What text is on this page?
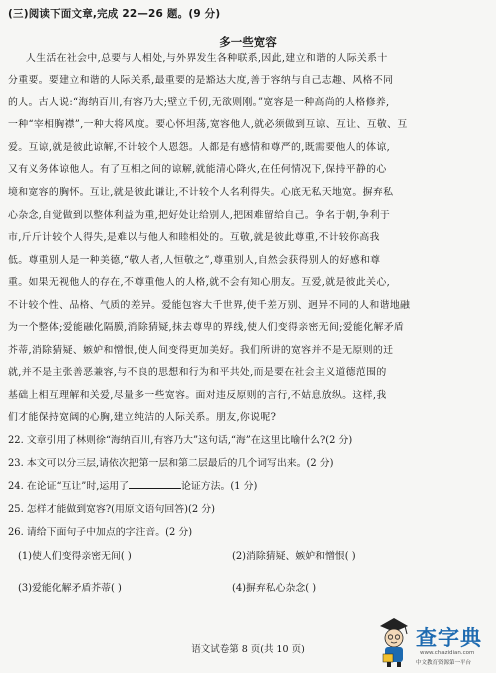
(三)阅读下面文章,完成 22—26 题。(9 分)
多一些宽容
人生活在社会中,总要与人相处,与外界发生各种联系,因此,建立和谐的人际关系十
分重要。要建立和谐的人际关系,最重要的是豁达大度,善于容纳与自己志趣、风格不同
的人。古人说:“海纳百川,有容乃大;壁立千仞,无欲则刚。”宽容是一种高尚的人格修养,
一种“宰相胸襟”,一种大将风度。要心怀坦荡,宽容他人,就必须做到互谅、互让、互敬、互
爱。互谅,就是彼此谅解,不计较个人恩怨。人都是有感情和尊严的,既需要他人的体谅,
又有义务体谅他人。有了互相之间的谅解,就能清心降火,在任何情况下,保持平静的心
境和宽容的胸怀。互让,就是彼此谦让,不计较个人名利得失。心底无私天地宽。摒弃私
心杂念,自觉做到以整体利益为重,把好处让给别人,把困难留给自己。争名于朝,争利于
市,斤斤计较个人得失,是难以与他人和睦相处的。互敬,就是彼此尊重,不计较你高我
低。尊重别人是一种美德,“敬人者,人恒敬之”,尊重别人,自然会获得别人的好感和尊
重。如果无视他人的存在,不尊重他人的人格,就不会有知心朋友。互爱,就是彼此关心,
不计较个性、品格、气质的差异。爱能包容大千世界,使千差万别、迥异不同的人和谐地融
为一个整体;爱能融化隔膜,消除猜疑,抹去尊卑的界线,使人们变得亲密无间;爱能化解矛盾
芥蒂,消除猜疑、嫉妒和憎恨,使人间变得更加美好。我们所讲的宽容并不是无原则的迁
就,并不是主张善恶兼容,与不良的思想和行为和平共处,而是要在社会主义道德范围的
基础上相互理解和关爱,尽量多一些宽容。面对违反原则的言行,不姑息放纵。这样,我
们才能保持宽阔的心胸,建立纯洁的人际关系。朋友,你说呢?
22. 文章引用了林则徐“海纳百川,有容乃大”这句话,“海”在这里比喻什么?(2 分)
23. 本文可以分三层,请依次把第一层和第二层最后的几个词写出来。(2 分)
24. 在论证“互让”时,运用了	论证方法。(1 分)
25. 怎样才能做到宽容?(用原文语句回答)(2 分)
26. 请给下面句子中加点的字注音。(2 分)
(1)使人们变得亲密无间( )	(2)消除猜疑、嫉妒和憎恨( )
(3)爱能化解矛盾芥蒂( )	(4)摒弃私心杂念( )
语文试卷第 8 页(共 10 页)	查字典
www.chazidian.com
中文教育资源第一平台
